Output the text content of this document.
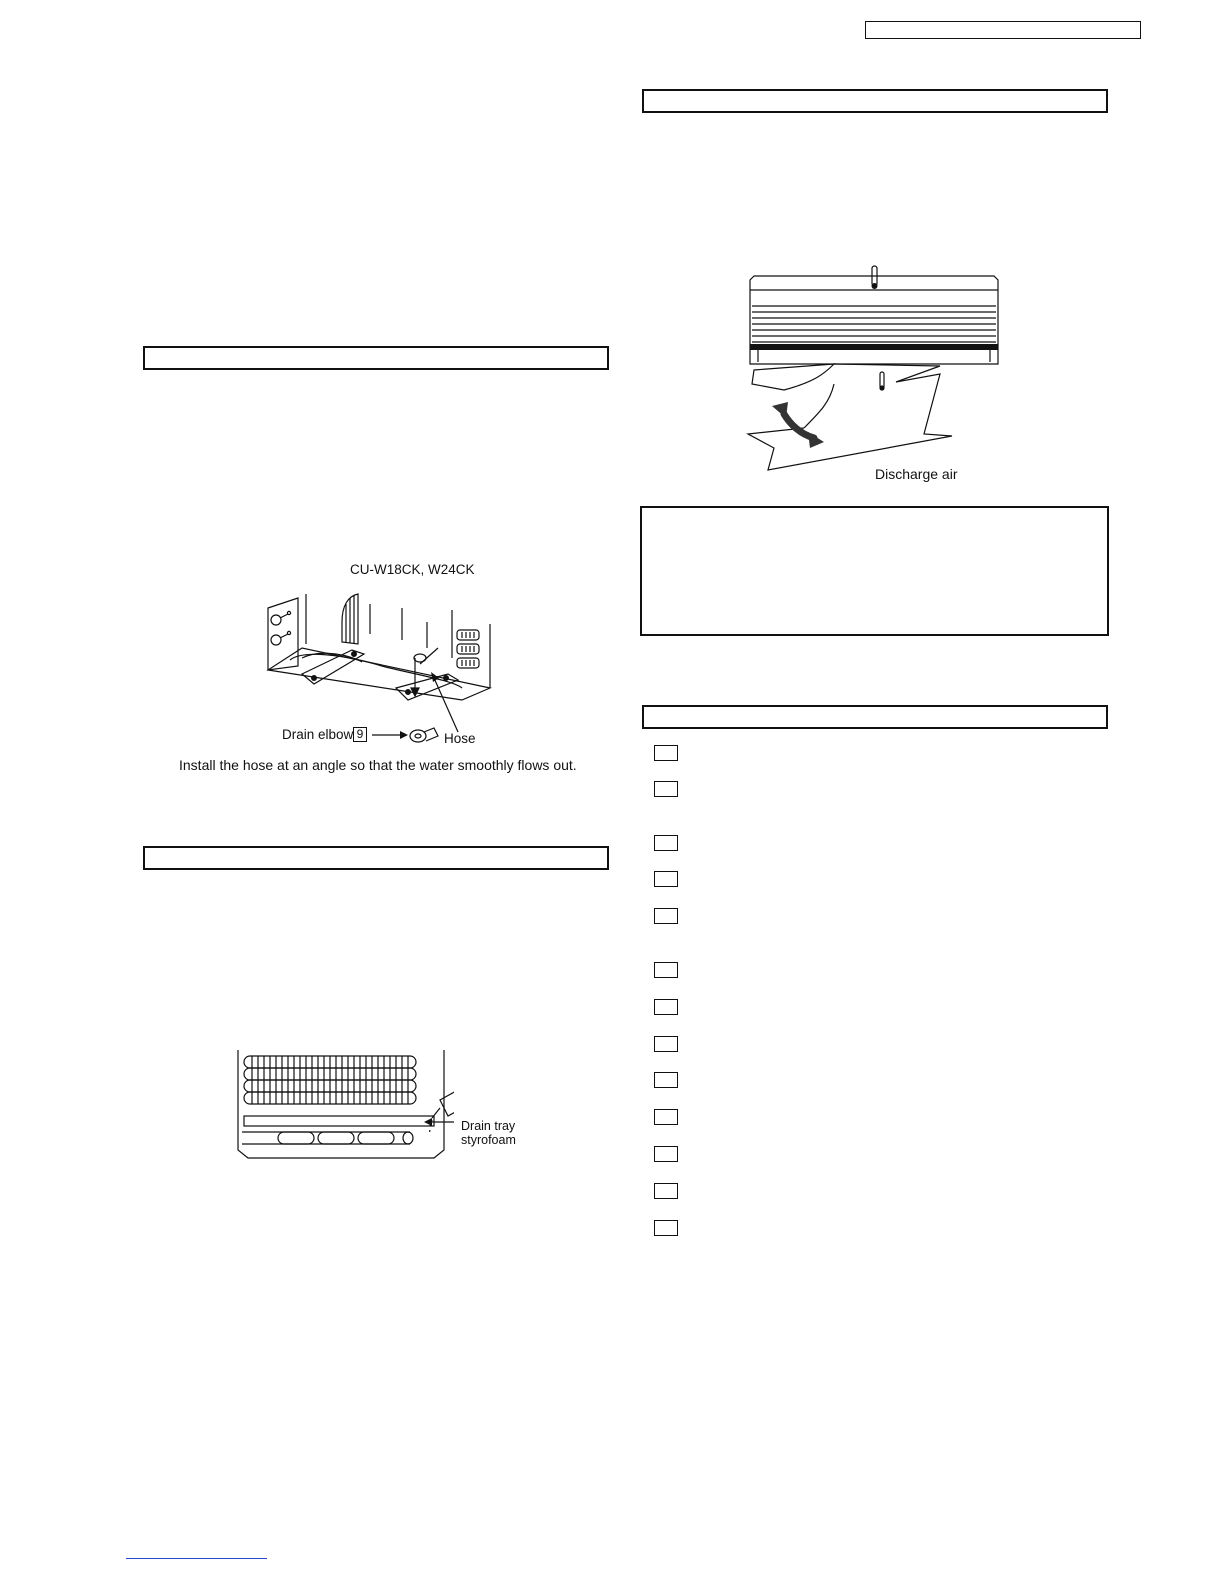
CU-W18CK, W24CK
Drain elbow 9	Hose
Install the hose at an angle so that the water smoothly flows out.
Drain tray
styrofoam
Discharge air
